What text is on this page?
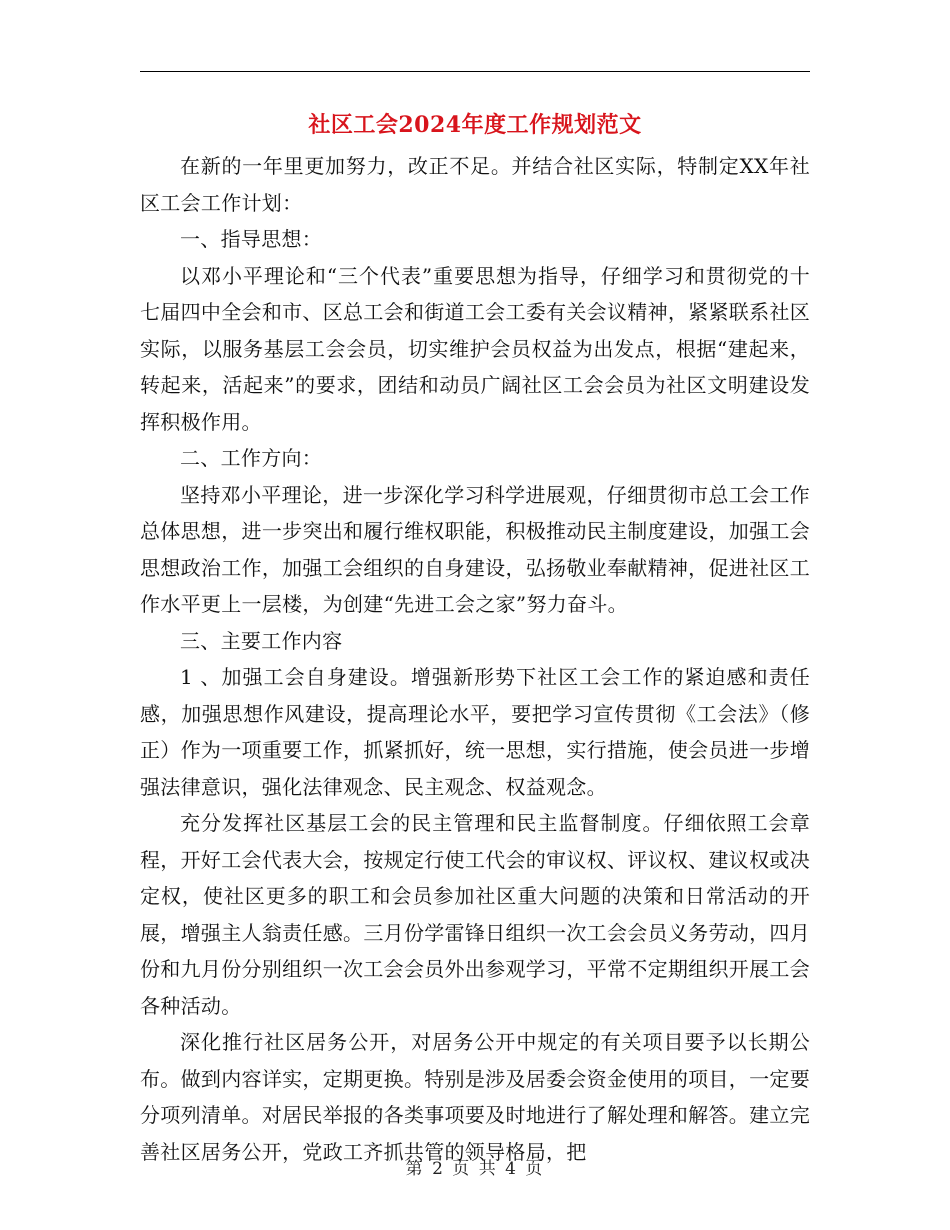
社区工会2024年度工作规划范文

在新的一年里更加努力，改正不足。并结合社区实际，特制定XX年社区工会工作计划：

一、指导思想：

以邓小平理论和“三个代表”重要思想为指导，仔细学习和贯彻党的十七届四中全会和市、区总工会和街道工会工委有关会议精神，紧紧联系社区实际，以服务基层工会会员，切实维护会员权益为出发点，根据“建起来，转起来，活起来”的要求，团结和动员广阔社区工会会员为社区文明建设发挥积极作用。

二、工作方向：

坚持邓小平理论，进一步深化学习科学进展观，仔细贯彻市总工会工作总体思想，进一步突出和履行维权职能，积极推动民主制度建设，加强工会思想政治工作，加强工会组织的自身建设，弘扬敬业奉献精神，促进社区工作水平更上一层楼，为创建“先进工会之家”努力奋斗。

三、主要工作内容

1 、加强工会自身建设。增强新形势下社区工会工作的紧迫感和责任感，加强思想作风建设，提高理论水平，要把学习宣传贯彻《工会法》（修正）作为一项重要工作，抓紧抓好，统一思想，实行措施，使会员进一步增强法律意识，强化法律观念、民主观念、权益观念。

充分发挥社区基层工会的民主管理和民主监督制度。仔细依照工会章程，开好工会代表大会，按规定行使工代会的审议权、评议权、建议权或决定权，使社区更多的职工和会员参加社区重大问题的决策和日常活动的开展，增强主人翁责任感。三月份学雷锋日组织一次工会会员义务劳动，四月份和九月份分别组织一次工会会员外出参观学习，平常不定期组织开展工会各种活动。

深化推行社区居务公开，对居务公开中规定的有关项目要予以长期公布。做到内容详实，定期更换。特别是涉及居委会资金使用的项目，一定要分项列清单。对居民举报的各类事项要及时地进行了解处理和解答。建立完善社区居务公开，党政工齐抓共管的领导格局，把

第 2 页 共 4 页
